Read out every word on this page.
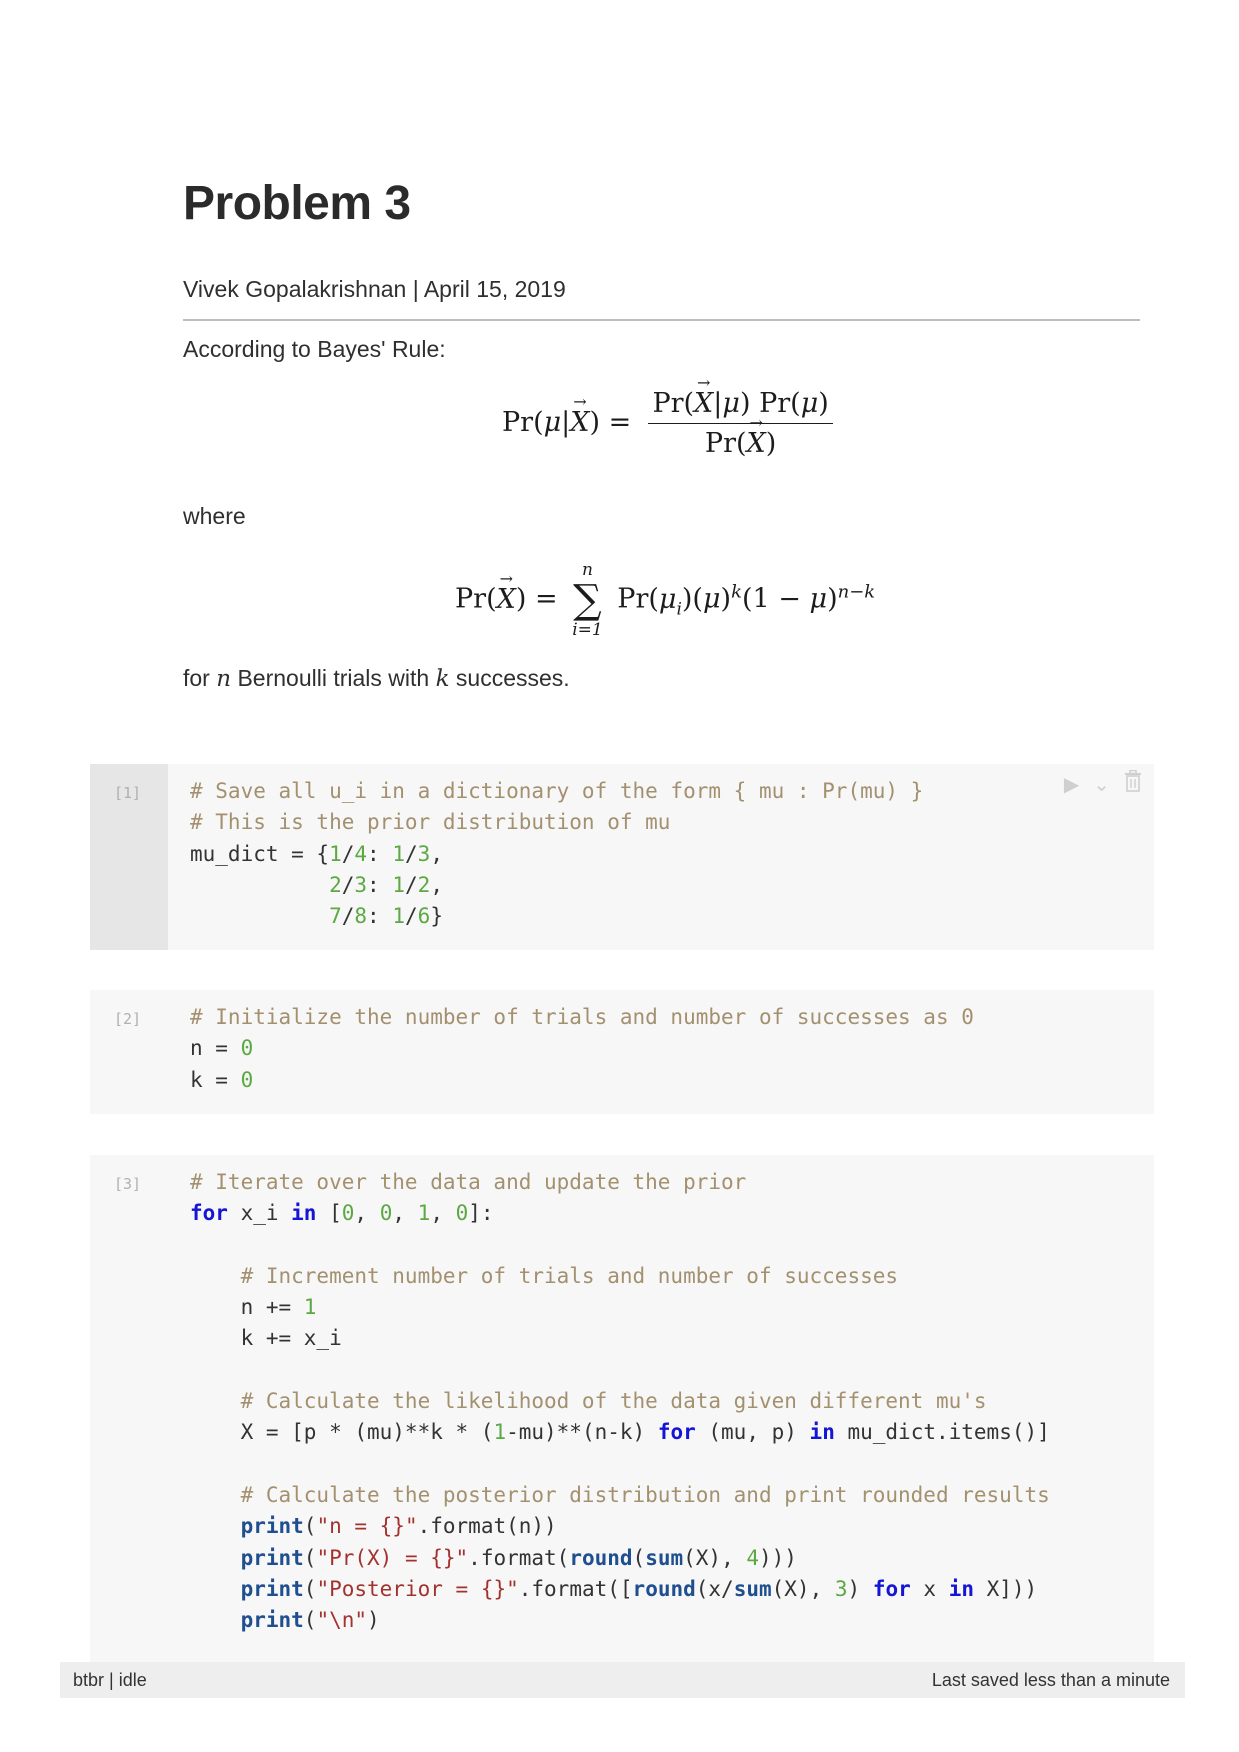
Problem 3
Vivek Gopalakrishnan | April 15, 2019
According to Bayes' Rule:
$Pr(\mu|\to X) = \frac{Pr(\to X|\mu) Pr(\mu)}{Pr(\to X)}$
where
Pr(→ X) =
n
∑
i=1
$Pr(\mu_i)(\mu)^k(1 - \mu)^{n-k}$
for n Bernoulli trials with k successes.
[1] # Save all u_i in a dictionary of the form { mu : Pr(mu) }
# This is the prior distribution of mu
mu_dict = {1/4: 1/3,
2/3: 1/2,
7/8: 1/6}
▶ ⌄
[2] # Initialize the number of trials and number of successes as 0
n = 0
k = 0
[3] # Iterate over the data and update the prior
for x_i in [0, 0, 1, 0]:

# Increment number of trials and number of successes
n += 1
k += x_i

# Calculate the likelihood of the data given different mu's
X = [p * (mu)**k * (1-mu)**(n-k) for (mu, p) in mu_dict.items()]

# Calculate the posterior distribution and print rounded results
print("n = {}".format(n))
print("Pr(X) = {}".format(round(sum(X), 4)))
print("Posterior = {}".format([round(x/sum(X), 3) for x in X]))
print("\n")
btbr | idle	Last saved less than a minute
